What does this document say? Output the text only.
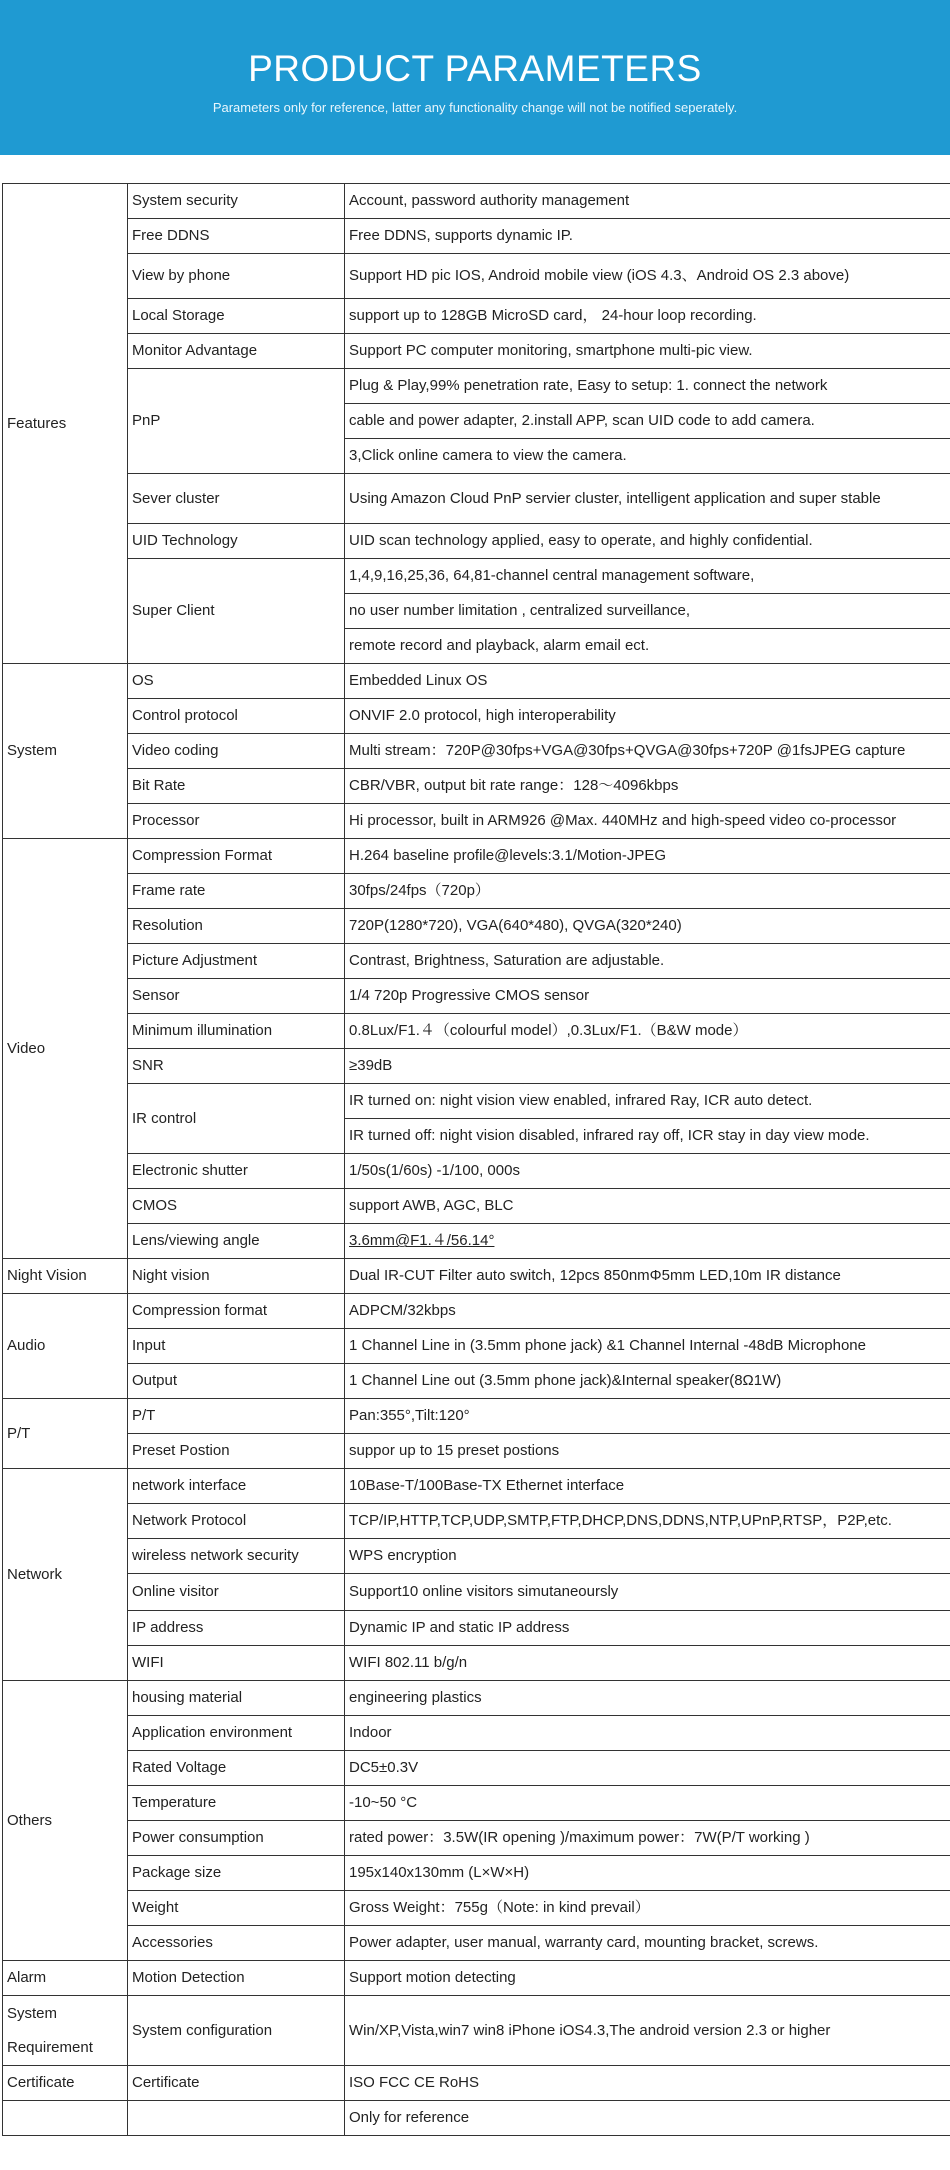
PRODUCT PARAMETERS
Parameters only for reference, latter any functionality change will not be notified seperately.
Features	System security	Account, password authority management
	Free DDNS	Free DDNS, supports dynamic IP.
	View by phone	Support HD pic IOS, Android mobile view (iOS 4.3、Android OS 2.3 above)
	Local Storage	support up to 128GB MicroSD card， 24-hour loop recording.
	Monitor Advantage	Support PC computer monitoring, smartphone multi-pic view.
	PnP	Plug & Play,99% penetration rate, Easy to setup: 1. connect the network
		cable and power adapter, 2.install APP, scan UID code to add camera.
		3,Click online camera to view the camera.
	Sever cluster	Using Amazon Cloud PnP servier cluster, intelligent application and super stable
	UID Technology	UID scan technology applied, easy to operate, and highly confidential.
	Super Client	1,4,9,16,25,36, 64,81-channel central management software,
		no user number limitation , centralized surveillance,
		remote record and playback, alarm email ect.
System	OS	Embedded Linux OS
	Control protocol	ONVIF 2.0 protocol, high interoperability
	Video coding	Multi stream：720P@30fps+VGA@30fps+QVGA@30fps+720P @1fsJPEG capture
	Bit Rate	CBR/VBR, output bit rate range：128～4096kbps
	Processor	Hi processor, built in ARM926 @Max. 440MHz and high-speed video co-processor
Video	Compression Format	H.264 baseline profile@levels:3.1/Motion-JPEG
	Frame rate	30fps/24fps（720p）
	Resolution	720P(1280*720), VGA(640*480), QVGA(320*240)
	Picture Adjustment	Contrast, Brightness, Saturation are adjustable.
	Sensor	1/4 720p Progressive CMOS sensor
	Minimum illumination	0.8Lux/F1.４（colourful model）,0.3Lux/F1.（B&W mode）
	SNR	≥39dB
	IR control	IR turned on: night vision view enabled, infrared Ray, ICR auto detect.
		IR turned off: night vision disabled, infrared ray off, ICR stay in day view mode.
	Electronic shutter	1/50s(1/60s) -1/100, 000s
	CMOS	support AWB, AGC, BLC
	Lens/viewing angle	3.6mm@F1.４/56.14°
Night Vision	Night vision	Dual IR-CUT Filter auto switch, 12pcs 850nmΦ5mm LED,10m IR distance
Audio	Compression format	ADPCM/32kbps
	Input	1 Channel Line in (3.5mm phone jack) &1 Channel Internal -48dB Microphone
	Output	1 Channel Line out (3.5mm phone jack)&Internal speaker(8Ω1W)
P/T	P/T	Pan:355°,Tilt:120°
	Preset Postion	suppor up to 15 preset postions
Network	network interface	10Base-T/100Base-TX Ethernet interface
	Network Protocol	TCP/IP,HTTP,TCP,UDP,SMTP,FTP,DHCP,DNS,DDNS,NTP,UPnP,RTSP，P2P,etc.
	wireless network security	WPS encryption
	Online visitor	Support10 online visitors simutaneoursly
	IP address	Dynamic IP and static IP address
	WIFI	WIFI 802.11 b/g/n
Others	housing material	engineering plastics
	Application environment	Indoor
	Rated Voltage	DC5±0.3V
	Temperature	-10~50 °C
	Power consumption	rated power：3.5W(IR opening )/maximum power：7W(P/T working )
	Package size	195x140x130mm (L×W×H)
	Weight	Gross Weight：755g（Note: in kind prevail）
	Accessories	Power adapter, user manual, warranty card, mounting bracket, screws.
Alarm	Motion Detection	Support motion detecting
System	System configuration	Win/XP,Vista,win7 win8 iPhone iOS4.3,The android version 2.3 or higher
Requirement		
Certificate	Certificate	ISO FCC CE RoHS
		Only for reference
